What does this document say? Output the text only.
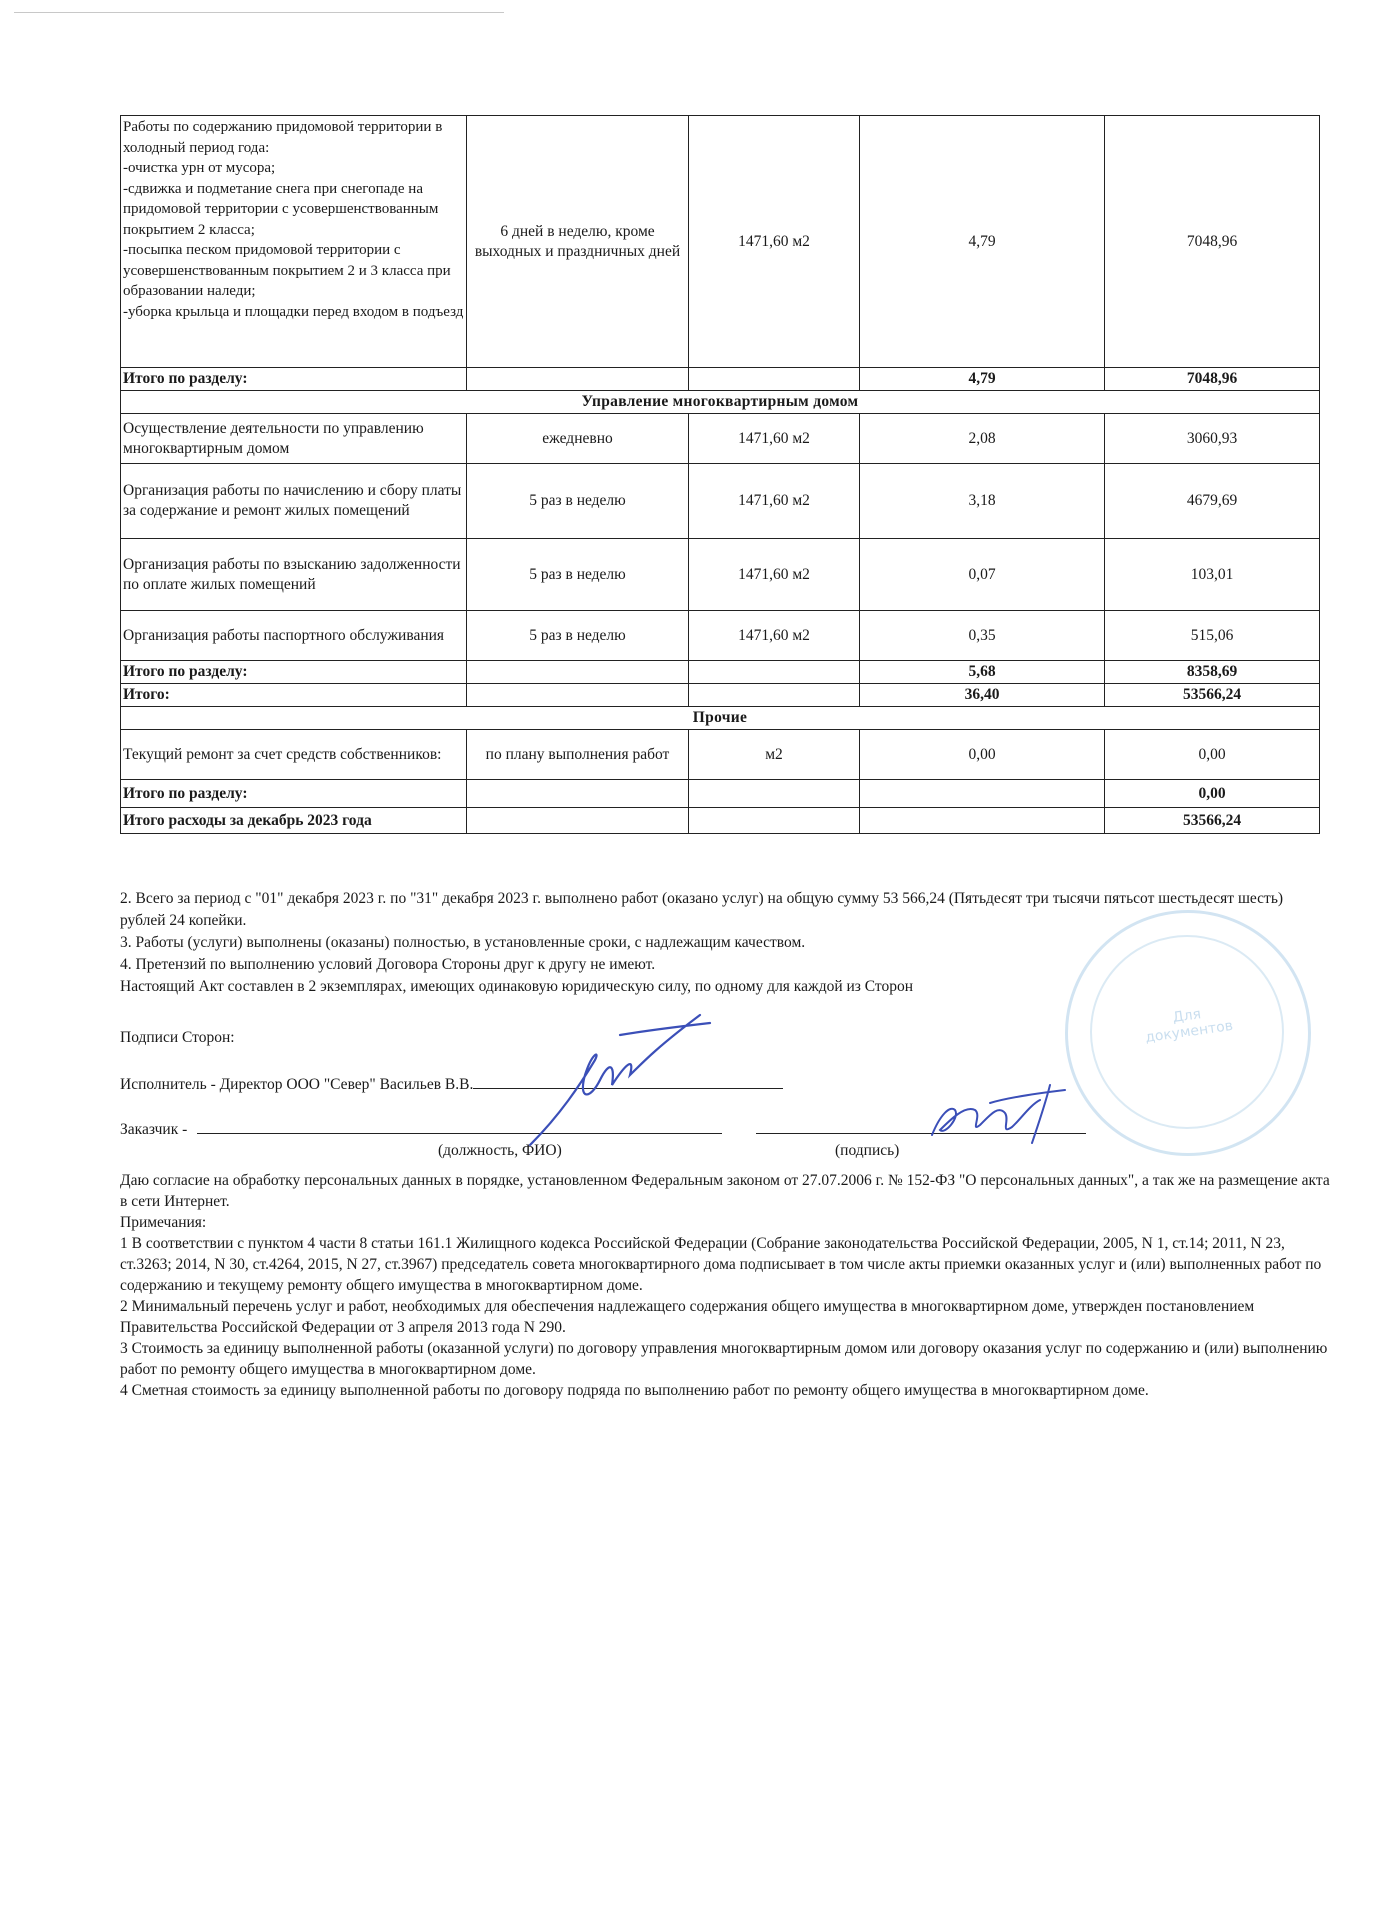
Работы по содержанию придомовой территории в холодный период года:
-очистка урн от мусора;
-сдвижка и подметание снега при снегопаде на придомовой территории с усовершенствованным покрытием 2 класса;
-посыпка песком придомовой территории с усовершенствованным покрытием 2 и 3 класса при образовании наледи;
-уборка крыльца и площадки перед входом в подъезд	6 дней в неделю, кроме выходных и праздничных дней	1471,60 м2	4,79	7048,96
Итого по разделу:			4,79	7048,96
Управление многоквартирным домом				
Осуществление деятельности по управлению многоквартирным домом	ежедневно	1471,60 м2	2,08	3060,93
Организация работы по начислению и сбору платы за содержание и ремонт жилых помещений	5 раз в неделю	1471,60 м2	3,18	4679,69
Организация работы по взысканию задолженности по оплате жилых помещений	5 раз в неделю	1471,60 м2	0,07	103,01
Организация работы паспортного обслуживания	5 раз в неделю	1471,60 м2	0,35	515,06
Итого по разделу:			5,68	8358,69
Итого:			36,40	53566,24
Прочие				
Текущий ремонт за счет средств собственников:	по плану выполнения работ	м2	0,00	0,00
Итого по разделу:				0,00
Итого расходы за декабрь 2023 года				53566,24

2. Всего за период с "01" декабря 2023 г. по "31" декабря 2023 г. выполнено работ (оказано услуг) на общую сумму 53 566,24 (Пятьдесят три тысячи пятьсот шестьдесят шесть) рублей 24 копейки.

3. Работы (услуги) выполнены (оказаны) полностью, в установленные сроки, с надлежащим качеством.

4. Претензий по выполнению условий Договора Стороны друг к другу не имеют.

Настоящий Акт составлен в 2 экземплярах, имеющих одинаковую юридическую силу, по одному для каждой из Сторон

Подписи Сторон:
Исполнитель - Директор ООО "Север" Васильев В.В.
Заказчик -
(должность, ФИО)	(подпись)

Даю согласие на обработку персональных данных в порядке, установленном Федеральным законом от 27.07.2006 г. № 152-ФЗ "О персональных данных", а так же на размещение акта в сети Интернет.

Примечания:

1 В соответствии с пунктом 4 части 8 статьи 161.1 Жилищного кодекса Российской Федерации (Собрание законодательства Российской Федерации, 2005, N 1, ст.14; 2011, N 23, ст.3263; 2014, N 30, ст.4264, 2015, N 27, ст.3967) председатель совета многоквартирного дома подписывает в том числе акты приемки оказанных услуг и (или) выполненных работ по содержанию и текущему ремонту общего имущества в многоквартирном доме.

2 Минимальный перечень услуг и работ, необходимых для обеспечения надлежащего содержания общего имущества в многоквартирном доме, утвержден постановлением Правительства Российской Федерации от 3 апреля 2013 года N 290.

3 Стоимость за единицу выполненной работы (оказанной услуги) по договору управления многоквартирным домом или договору оказания услуг по содержанию и (или) выполнению работ по ремонту общего имущества в многоквартирном доме.

4 Сметная стоимость за единицу выполненной работы по договору подряда по выполнению работ по ремонту общего имущества в многоквартирном доме.

Для документов
